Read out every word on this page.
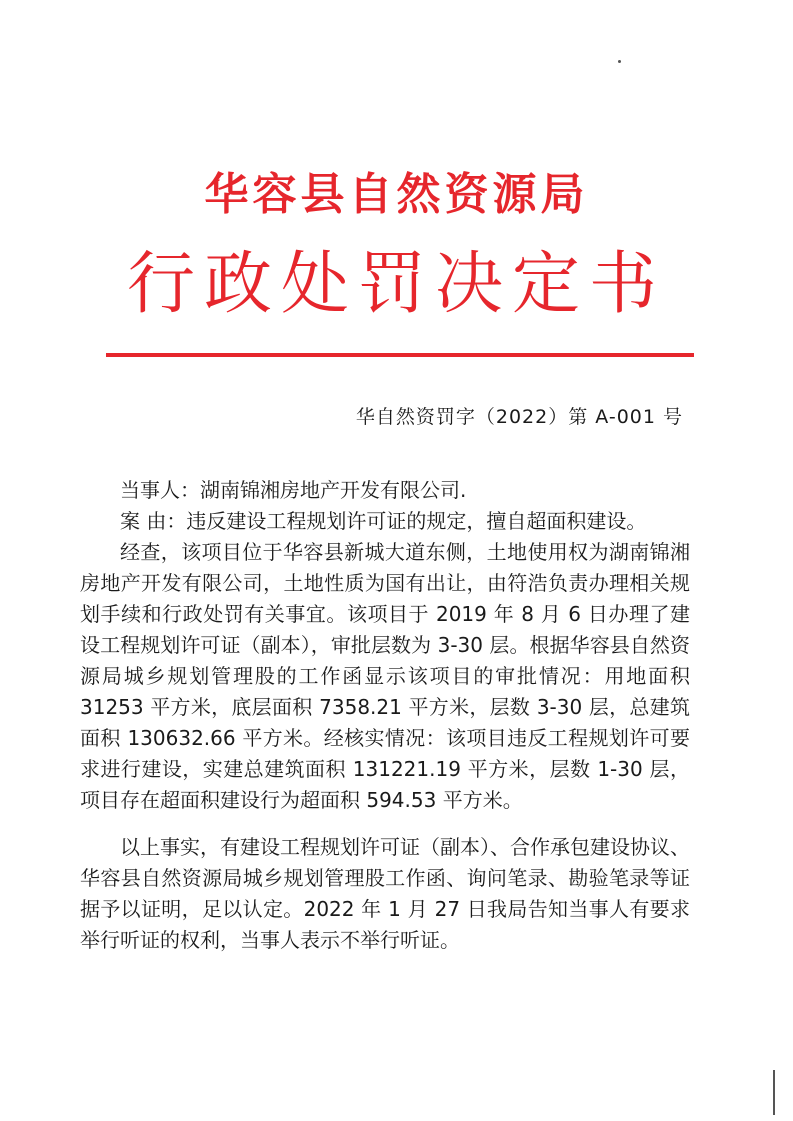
华容县自然资源局
行政处罚决定书
华自然资罚字（2022）第 A-001 号

当事人：湖南锦湘房地产开发有限公司.

案 由：违反建设工程规划许可证的规定，擅自超面积建设。

经查，该项目位于华容县新城大道东侧，土地使用权为湖南锦湘房地产开发有限公司，土地性质为国有出让，由符浩负责办理相关规划手续和行政处罚有关事宜。该项目于 2019 年 8 月 6 日办理了建设工程规划许可证（副本），审批层数为 3-30 层。根据华容县自然资源局城乡规划管理股的工作函显示该项目的审批情况：用地面积 31253 平方米，底层面积 7358.21 平方米，层数 3-30 层，总建筑面积 130632.66 平方米。经核实情况：该项目违反工程规划许可要求进行建设，实建总建筑面积 131221.19 平方米，层数 1-30 层，项目存在超面积建设行为超面积 594.53 平方米。

以上事实，有建设工程规划许可证（副本）、合作承包建设协议、华容县自然资源局城乡规划管理股工作函、询问笔录、勘验笔录等证据予以证明，足以认定。2022 年 1 月 27 日我局告知当事人有要求举行听证的权利，当事人表示不举行听证。
